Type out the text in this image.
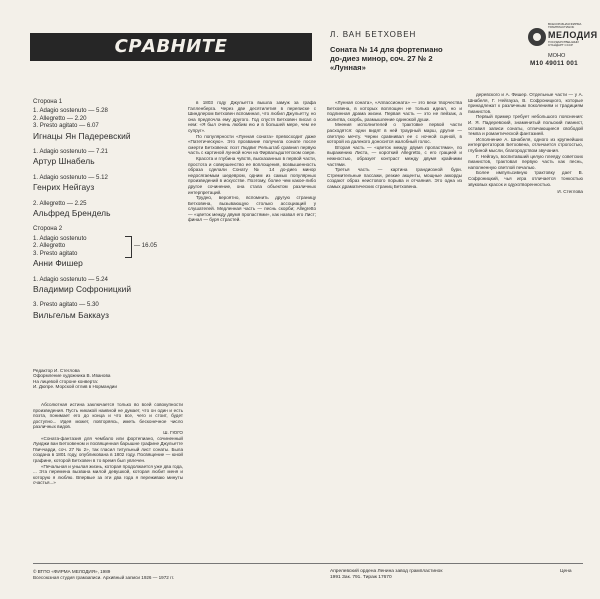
СРАВНИТЕ ИНТЕРПРЕТАЦИИ
Л. ВАН БЕТХОВЕН
Соната № 14 для фортепиано
до-диез минор, соч. 27 № 2
«Лунная»
ВСЕСОЮЗНАЯ ФИРМА ГРАМПЛАСТИНОК
МЕЛОДИЯ
ГОСУДАРСТВЕННЫЙ СТАНДАРТ СССР
МОНО
М10 49011 001
Сторона 1
1. Adagio sostenuto — 5.28
2. Allegretto — 2.20
3. Presto agitato — 6.07
Игнацы Ян Падеревский
1. Adagio sostenuto — 7.21
Артур Шнабель
1. Adagio sostenuto — 5.12
Генрих Нейгауз
2. Allegretto — 2.25
Альфред Брендель
Сторона 2
1. Adagio sostenuto
2. Allegretto
3. Presto agitato
— 16.05
Анни Фишер
1. Adagio sostenuto — 5.24
Владимир Софроницкий
3. Presto agitato — 5.30
Вильгельм Баккауз
Редактор И. Стеглова
Оформление художника В. Иванова
На лицевой стороне конверта:
И. Дюпре. Морской отлив в Нормандии

Абсолютная истина заключается только во всей совокупности произведения. Пусть никакой наивной не думает, что он один и есть поэта, понимает его до конца и что все, чего и стоит, будет доступно... Идея может, повторяясь, иметь бесконечное число различных видов.

Ш. ГЮГО

«Соната-фантазия для чембало или фортепиано, сочиненный Луиджи ван Бетховеном и посвященная барышне графине Джульетте Гвиччарди, соч. 27 № 2», так гласил титульный лист сонаты. Была создана в 1801 году, опубликована в 1802 году. Посвящение — юной графине, которой Бетховен в то время был увлечен.

«Печальная и унылая жизнь, которая продолжается уже два года, ... Эта перемена вызвана милой девушкой, которая любит меня и которую я люблю. Впервые за эти два года я переживаю минуты счастья...»

в 1803 году Джульетта вышла замуж за графа Галленберга. Через две десятилетия в переписке с Шиндлером Бетховен вспоминал, что любил Джульетту, но она предпочла ему другого. Год спустя Бетховен писал о нем: «Я был очень любим ею и в большей мере, чем ее супруг».

По популярности «Лунная соната» превосходит даже «Патетическую». Это прозвание получила сонате после смерти Бетховена: поэт Людвиг Рельштаб сравнил первую часть с картиной лунной ночи на Фирвальдштетском озере.

Красота и глубина чувств, высказанных в первой части, простота и совершенство ее воплощения, возвышенность образа сделали Сонату № 14 до-диез минор недосягаемым шедевром, одним из самых популярных произведений в искусстве. Поэтому, более чем какое-либо другое сочинение, она стала объектом различных интерпретаций.

Трудно, вероятно, вспомнить другую страницу Бетховена, вызывающую столько ассоциаций у слушателей. Медленная часть — песнь скорби; Allegretto — «цветок между двумя пропастями», как назвал его Лист; финал — буря страстей.

«Лунная соната», «Аппассионата» — это вехи творчества Бетховена, в которых воплощен не только идеал, но и подлинная драма жизни. Первая часть — это не пейзаж, а молитва, скорбь, размышление одинокой души.

Мнения исполнителей о трактовке первой части расходятся: одни видят в ней траурный марш, другие — светлую мечту. Черни сравнивал ее с ночной сценой, в которой из далекого доносится жалобный голос.

Вторая часть — «цветок между двумя пропастями», по выражению Листа, — короткий Allegretto, с его грацией и нежностью, образует контраст между двумя крайними частями.

Третья часть — картина грандиозной бури. Стремительные пассажи, резкие акценты, мощные аккорды создают образ неистового порыва и отчаяния. Это одна из самых драматических страниц Бетховена.

деревского и А. Фишер. Отдельные части — у А. Шнабеля, Г. Нейгауза, В. Софроницкого, которые принадлежат к различным поколениям и традициям пианистов.

Первый пример требует небольшого пояснения: И. Я. Падеревский, знаменитый польский пианист, оставил записи сонаты, отличающиеся свободой темпа и романтической фантазией.

Исполнение А. Шнабеля, одного из крупнейших интерпретаторов Бетховена, отличается строгостью, глубиной мысли, благородством звучания.

Г. Нейгауз, воспитавший целую плеяду советских пианистов, трактовал первую часть как песнь, наполненную светлой печалью.

Более импульсивную трактовку дает В. Софроницкий, чья игра отличается тонкостью звуковых красок и одухотворенностью.

И. Стеглова
© ВТПО «ФИРМА МЕЛОДИЯ», 1989
Всесоюзная студия грамзаписи. Архивный записи 1926 — 1972 гг.
Апрелевский ордена Ленина завод грампластинок
1991 Зак. 791. Тираж 17670
Цена
